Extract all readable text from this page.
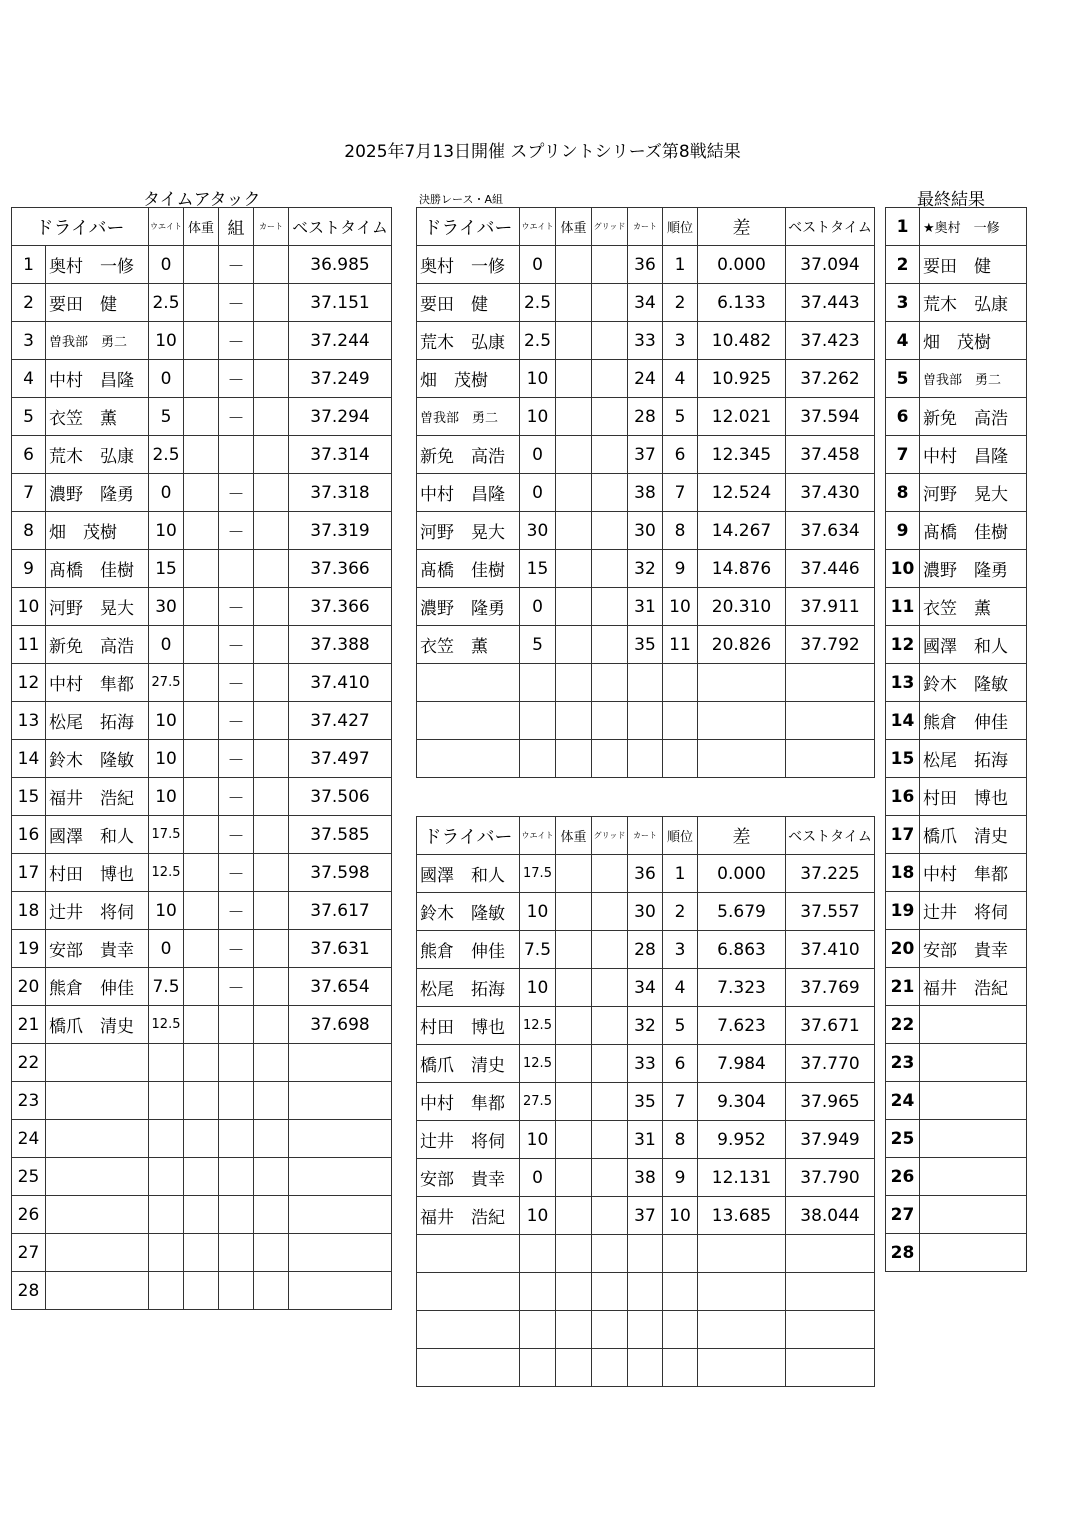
2025年7月13日開催 スプリントシリーズ第8戦結果
タイムアタック	決勝レース・A組	最終結果
ドライバー		ウエイト	体重	組	カート	ベストタイム
1	奥村　一修	0		－		36.985
2	要田　健	2.5		－		37.151
3	曽我部　勇二	10		－		37.244
4	中村　昌隆	0		－		37.249
5	衣笠　薫	5		－		37.294
6	荒木　弘康	2.5				37.314
7	濃野　隆勇	0		－		37.318
8	畑　茂樹	10		－		37.319
9	髙橋　佳樹	15				37.366
10	河野　晃大	30		－		37.366
11	新免　高浩	0		－		37.388
12	中村　隼都	27.5		－		37.410
13	松尾　拓海	10		－		37.427
14	鈴木　隆敏	10		－		37.497
15	福井　浩紀	10		－		37.506
16	國澤　和人	17.5		－		37.585
17	村田　博也	12.5		－		37.598
18	辻井　将伺	10		－		37.617
19	安部　貴幸	0		－		37.631
20	熊倉　伸佳	7.5		－		37.654
21	橋爪　清史	12.5				37.698
22						
23						
24						
25						
26						
27						
28						
ドライバー	ウエイト	体重	グリッド	カート	順位	差	ベストタイム
奥村　一修	0			36	1	0.000	37.094
要田　健	2.5			34	2	6.133	37.443
荒木　弘康	2.5			33	3	10.482	37.423
畑　茂樹	10			24	4	10.925	37.262
曽我部　勇二	10			28	5	12.021	37.594
新免　高浩	0			37	6	12.345	37.458
中村　昌隆	0			38	7	12.524	37.430
河野　晃大	30			30	8	14.267	37.634
髙橋　佳樹	15			32	9	14.876	37.446
濃野　隆勇	0			31	10	20.310	37.911
衣笠　薫	5			35	11	20.826	37.792

ドライバー	ウエイト	体重	グリッド	カート	順位	差	ベストタイム
國澤　和人	17.5			36	1	0.000	37.225
鈴木　隆敏	10			30	2	5.679	37.557
熊倉　伸佳	7.5			28	3	6.863	37.410
松尾　拓海	10			34	4	7.323	37.769
村田　博也	12.5			32	5	7.623	37.671
橋爪　清史	12.5			33	6	7.984	37.770
中村　隼都	27.5			35	7	9.304	37.965
辻井　将伺	10			31	8	9.952	37.949
安部　貴幸	0			38	9	12.131	37.790
福井　浩紀	10			37	10	13.685	38.044

1	★奥村　一修
2	要田　健
3	荒木　弘康
4	畑　茂樹
5	曽我部　勇二
6	新免　高浩
7	中村　昌隆
8	河野　晃大
9	髙橋　佳樹
10	濃野　隆勇
11	衣笠　薫
12	國澤　和人
13	鈴木　隆敏
14	熊倉　伸佳
15	松尾　拓海
16	村田　博也
17	橋爪　清史
18	中村　隼都
19	辻井　将伺
20	安部　貴幸
21	福井　浩紀
22	
23	
24	
25	
26	
27	
28	
